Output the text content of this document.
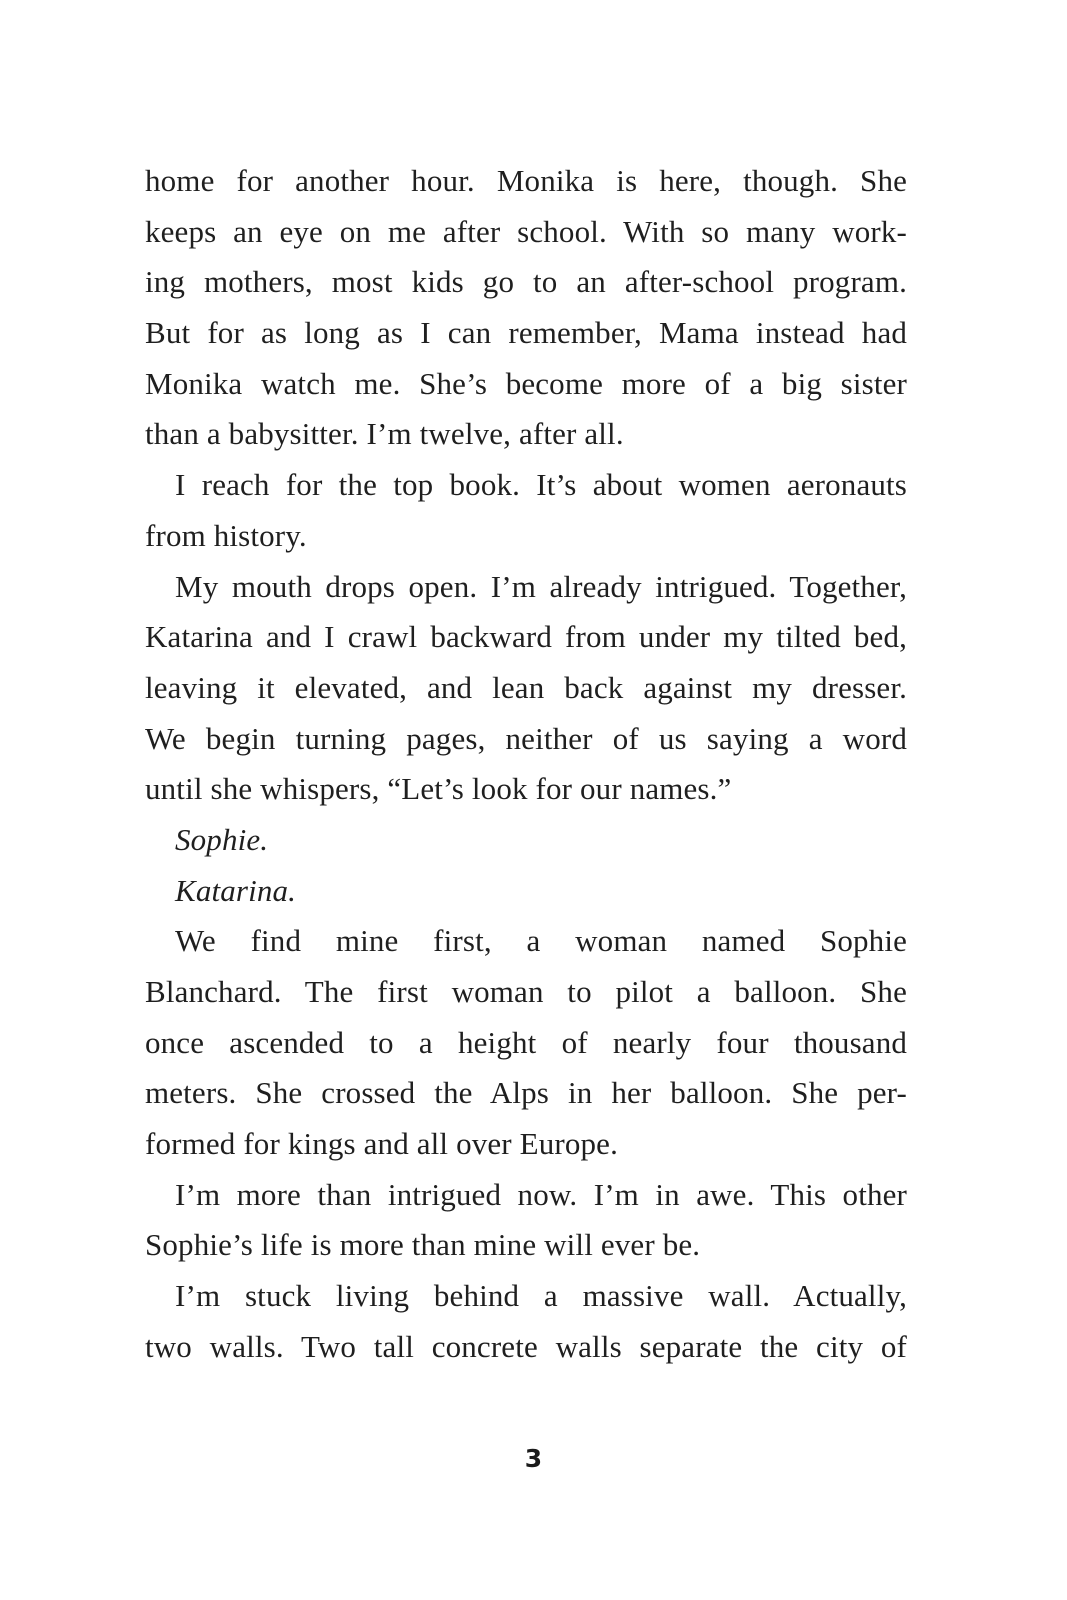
home for another hour. Monika is here, though. She
keeps an eye on me after school. With so many work-
ing mothers, most kids go to an after-school program.
But for as long as I can remember, Mama instead had
Monika watch me. She’s become more of a big sister
than a babysitter. I’m twelve, after all.
I reach for the top book. It’s about women aeronauts
from history.
My mouth drops open. I’m already intrigued. Together,
Katarina and I crawl backward from under my tilted bed,
leaving it elevated, and lean back against my dresser.
We begin turning pages, neither of us saying a word
until she whispers, “Let’s look for our names.”
Sophie.
Katarina.
We find mine first, a woman named Sophie
Blanchard. The first woman to pilot a balloon. She
once ascended to a height of nearly four thousand
meters. She crossed the Alps in her balloon. She per-
formed for kings and all over Europe.
I’m more than intrigued now. I’m in awe. This other
Sophie’s life is more than mine will ever be.
I’m stuck living behind a massive wall. Actually,
two walls. Two tall concrete walls separate the city of
3
